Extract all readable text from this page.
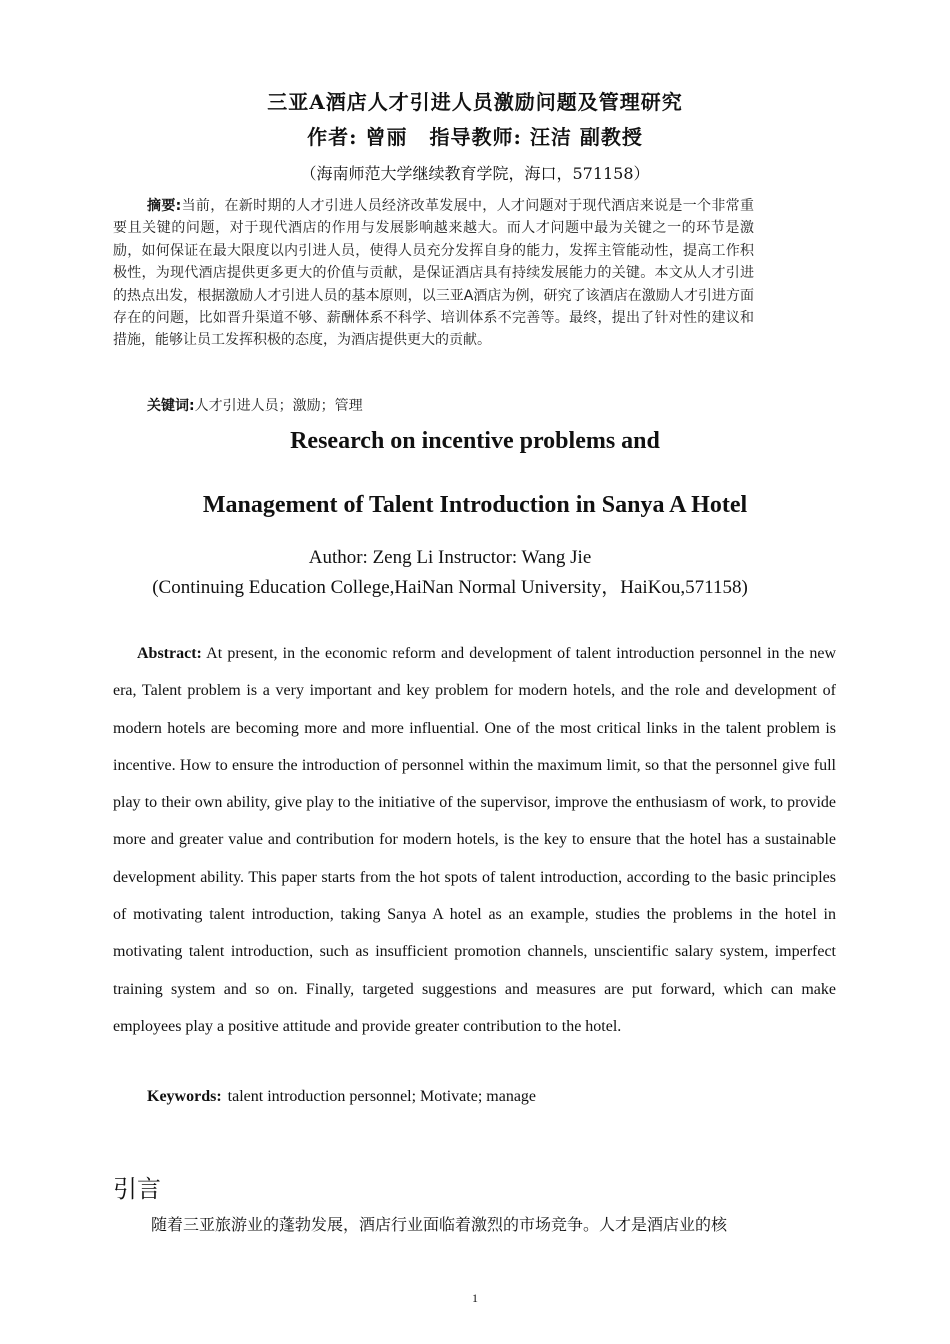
三亚A酒店人才引进人员激励问题及管理研究
作者: 曾丽 指导教师: 汪洁 副教授
（海南师范大学继续教育学院，海口，571158）
摘要:当前，在新时期的人才引进人员经济改革发展中，人才问题对于现代酒店来说是一个非常重要且关键的问题，对于现代酒店的作用与发展影响越来越大。而人才问题中最为关键之一的环节是激励，如何保证在最大限度以内引进人员，使得人员充分发挥自身的能力，发挥主管能动性，提高工作积极性，为现代酒店提供更多更大的价值与贡献，是保证酒店具有持续发展能力的关键。本文从人才引进的热点出发，根据激励人才引进人员的基本原则，以三亚A酒店为例，研究了该酒店在激励人才引进方面存在的问题，比如晋升渠道不够、薪酬体系不科学、培训体系不完善等。最终，提出了针对性的建议和措施，能够让员工发挥积极的态度，为酒店提供更大的贡献。
关键词:人才引进人员；激励；管理
Research on incentive problems and
Management of Talent Introduction in Sanya A Hotel
Author: Zeng Li Instructor: Wang Jie
(Continuing Education College,HaiNan Normal University，HaiKou,571158)
Abstract: At present, in the economic reform and development of talent introduction personnel in the new era, Talent problem is a very important and key problem for modern hotels, and the role and development of modern hotels are becoming more and more influential. One of the most critical links in the talent problem is incentive. How to ensure the introduction of personnel within the maximum limit, so that the personnel give full play to their own ability, give play to the initiative of the supervisor, improve the enthusiasm of work, to provide more and greater value and contribution for modern hotels, is the key to ensure that the hotel has a sustainable development ability. This paper starts from the hot spots of talent introduction, according to the basic principles of motivating talent introduction, taking Sanya A hotel as an example, studies the problems in the hotel in motivating talent introduction, such as insufficient promotion channels, unscientific salary system, imperfect training system and so on. Finally, targeted suggestions and measures are put forward, which can make employees play a positive attitude and provide greater contribution to the hotel.
Keywords: talent introduction personnel; Motivate; manage
引言
随着三亚旅游业的蓬勃发展，酒店行业面临着激烈的市场竞争。人才是酒店业的核
1
